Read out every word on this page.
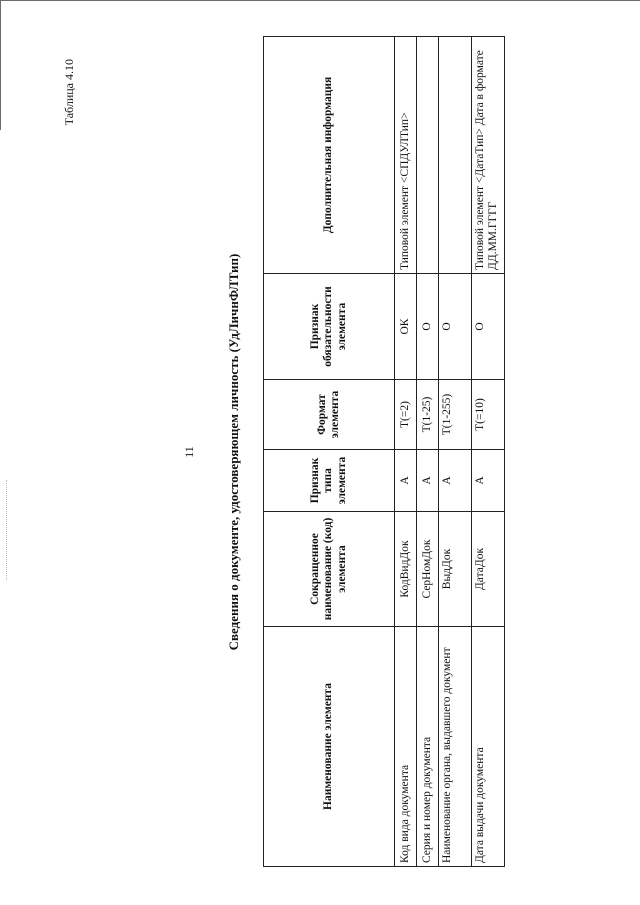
Таблица 4.10
11 Сведения о документе, удостоверяющем личность (УдЛичнФЛТип)
Наименование элемента	Сокращенное наименование (код) элемента	Признак типа элемента	Формат элемента	Признак обязательности элемента	Дополнительная информация
Код вида документа	КодВидДок	А	T(=2)	ОК	Типовой элемент <СПДУЛТип>
Серия и номер документа	СерНомДок	А	T(1-25)	О	
Наименование органа, выдавшего документ	ВыдДок	А	T(1-255)	О	
Дата выдачи документа	ДатаДок	А	T(=10)	О	Типовой элемент <ДатаТип> Дата в формате ДД.ММ.ГГГГ
